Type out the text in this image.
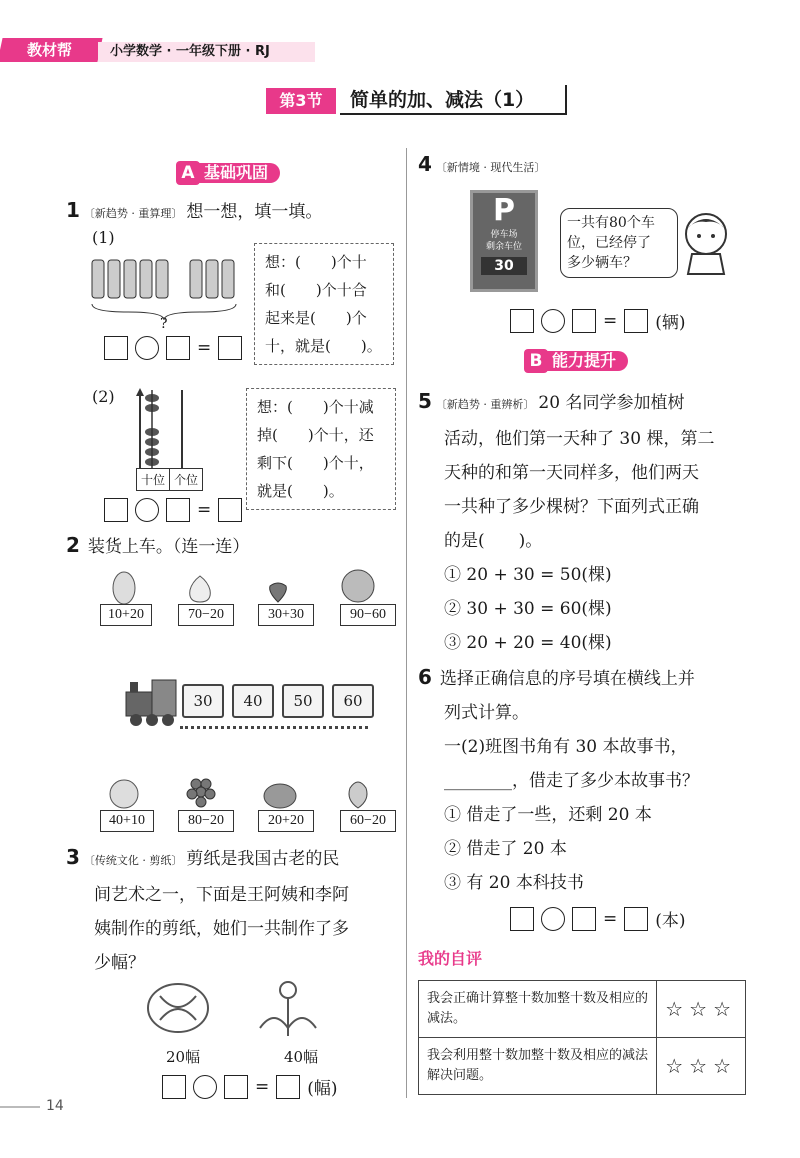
教材帮	小学数学 · 一年级下册 · RJ
第3节	简单的加、减法（1）
A 基础巩固
1 〔新趋势 · 重算理〕 想一想，填一填。
(1)
?
=
想：(　　)个十
和(　　)个十合
起来是(　　)个
十，就是(　　)。
(2)
十位 个位
=
想：(　　)个十减
掉(　　)个十，还
剩下(　　)个十，
就是(　　)。
2 装货上车。（连一连）
10+20	70−20	30+30	90−60
30	40	50	60
40+10	80−20	20+20	60−20
3 〔传统文化 · 剪纸〕 剪纸是我国古老的民
间艺术之一，下面是王阿姨和李阿
姨制作的剪纸，她们一共制作了多
少幅？
20幅	40幅
= (幅)
4 〔新情境 · 现代生活〕
P
停车场
剩余车位
30
一共有80个车
位，已经停了
多少辆车？
= (辆)
B 能力提升
5 〔新趋势 · 重辨析〕 20 名同学参加植树
活动，他们第一天种了 30 棵，第二
天种的和第一天同样多，他们两天
一共种了多少棵树？下面列式正确
的是(　　)。
① 20 + 30 = 50(棵)
② 30 + 30 = 60(棵)
③ 20 + 20 = 40(棵)
6 选择正确信息的序号填在横线上并
列式计算。
一(2)班图书角有 30 本故事书，
________，借走了多少本故事书？
① 借走了一些，还剩 20 本
② 借走了 20 本
③ 有 20 本科技书
= (本)
我的自评
我会正确计算整十数加整十数及相应的减法。	☆☆☆
我会利用整十数加整十数及相应的减法解决问题。	☆☆☆
14
